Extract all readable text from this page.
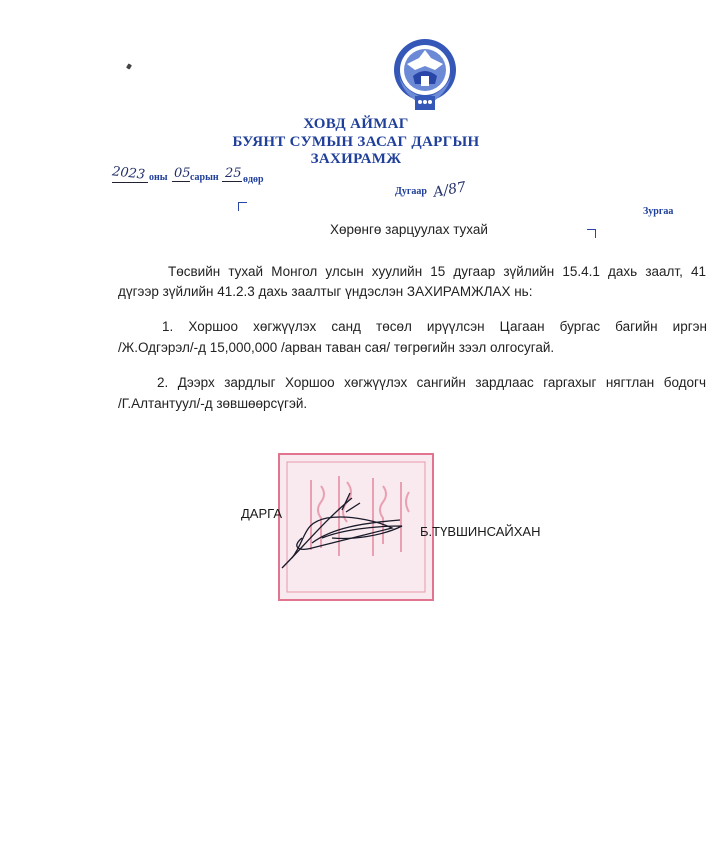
ХОВД АЙМАГ
БУЯНТ СУМЫН ЗАСАГ ДАРГЫН
ЗАХИРАМЖ
2023 оны 05 сарын 25 өдөр
Дугаар А/87
Зургаа
Хөрөнгө зарцуулах тухай
Төсвийн тухай Монгол улсын хуулийн 15 дугаар зүйлийн 15.4.1 дахь заалт, 41
дүгээр зүйлийн 41.2.3 дахь заалтыг үндэслэн ЗАХИРАМЖЛАХ нь:
1. Хоршоо хөгжүүлэх санд төсөл ирүүлсэн Цагаан бургас багийн иргэн
/Ж.Одгэрэл/-д 15,000,000 /арван таван сая/ төгрөгийн зээл олгосугай.
2. Дээрх зардлыг Хоршоо хөгжүүлэх сангийн зардлаас гаргахыг нягтлан бодогч
/Г.Алтантуул/-д зөвшөөрсүгэй.
ДАРГА
Б.ТҮВШИНСАЙХАН
